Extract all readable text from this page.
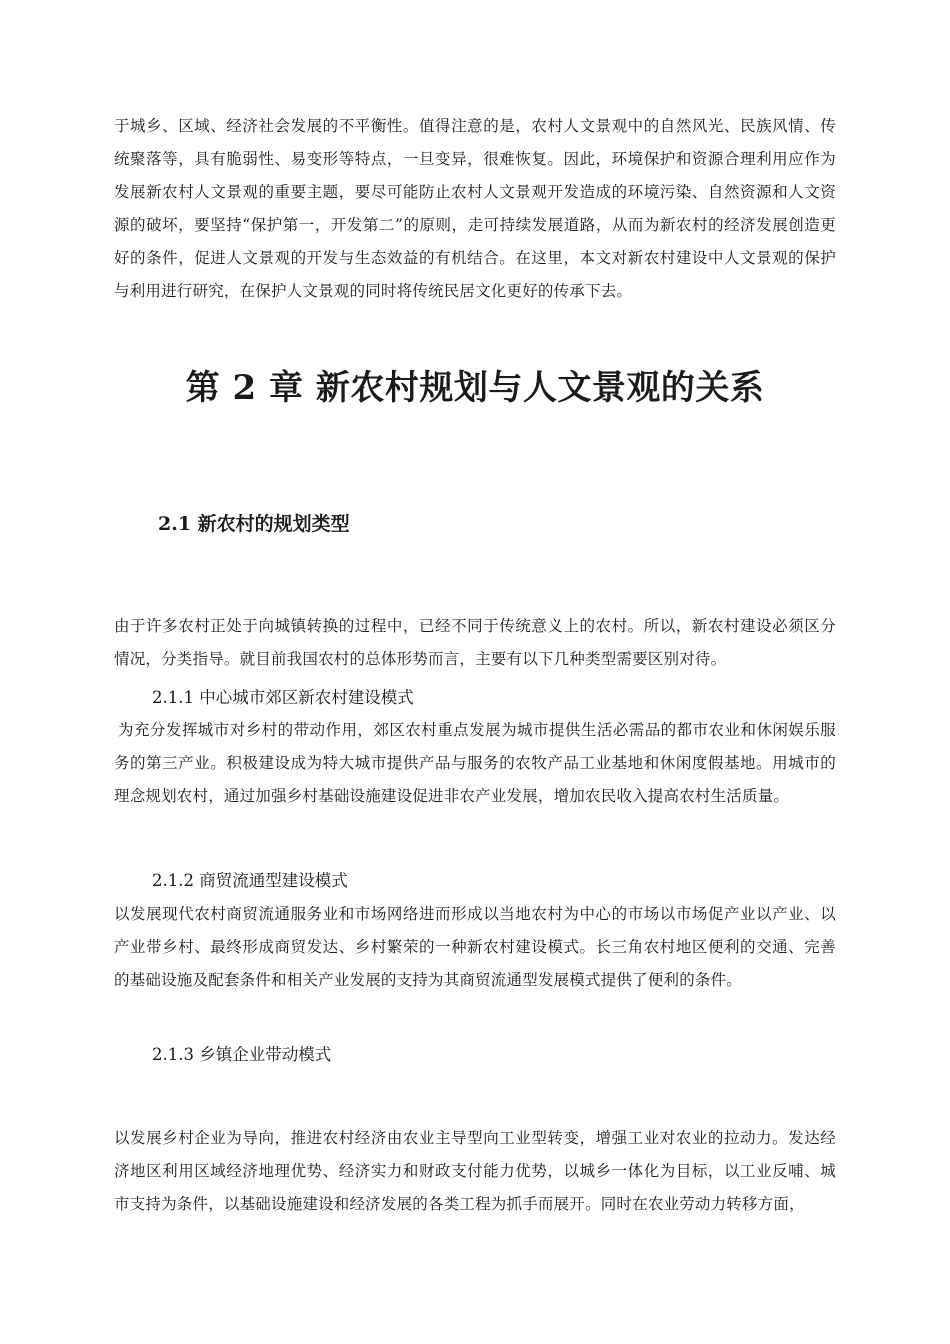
于城乡、区域、经济社会发展的不平衡性。值得注意的是，农村人文景观中的自然风光、民族风情、传统聚落等，具有脆弱性、易变形等特点，一旦变异，很难恢复。因此，环境保护和资源合理利用应作为发展新农村人文景观的重要主题，要尽可能防止农村人文景观开发造成的环境污染、自然资源和人文资源的破坏，要坚持“保护第一，开发第二”的原则，走可持续发展道路，从而为新农村的经济发展创造更好的条件，促进人文景观的开发与生态效益的有机结合。在这里，本文对新农村建设中人文景观的保护与利用进行研究，在保护人文景观的同时将传统民居文化更好的传承下去。

第 2 章 新农村规划与人文景观的关系
2.1 新农村的规划类型

由于许多农村正处于向城镇转换的过程中，已经不同于传统意义上的农村。所以，新农村建设必须区分情况，分类指导。就目前我国农村的总体形势而言，主要有以下几种类型需要区别对待。

2.1.1 中心城市郊区新农村建设模式

为充分发挥城市对乡村的带动作用，郊区农村重点发展为城市提供生活必需品的都市农业和休闲娱乐服务的第三产业。积极建设成为特大城市提供产品与服务的农牧产品工业基地和休闲度假基地。用城市的理念规划农村，通过加强乡村基础设施建设促进非农产业发展，增加农民收入提高农村生活质量。

2.1.2 商贸流通型建设模式

以发展现代农村商贸流通服务业和市场网络进而形成以当地农村为中心的市场以市场促产业以产业、以产业带乡村、最终形成商贸发达、乡村繁荣的一种新农村建设模式。长三角农村地区便利的交通、完善的基础设施及配套条件和相关产业发展的支持为其商贸流通型发展模式提供了便利的条件。

2.1.3 乡镇企业带动模式

以发展乡村企业为导向，推进农村经济由农业主导型向工业型转变，增强工业对农业的拉动力。发达经济地区利用区域经济地理优势、经济实力和财政支付能力优势，以城乡一体化为目标，以工业反哺、城市支持为条件，以基础设施建设和经济发展的各类工程为抓手而展开。同时在农业劳动力转移方面，
